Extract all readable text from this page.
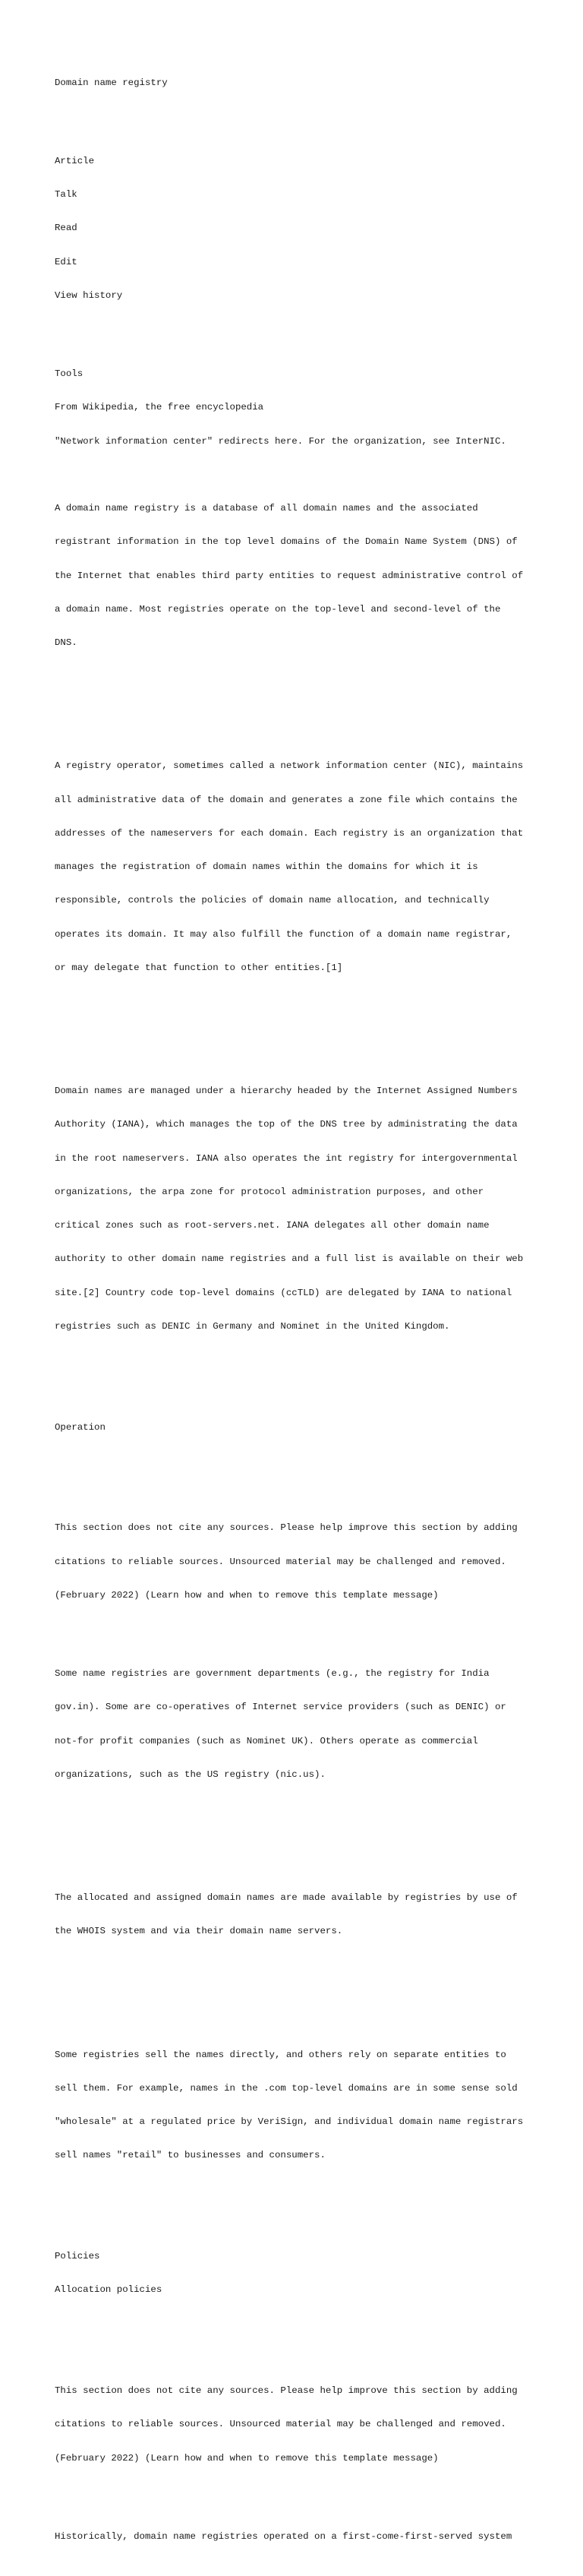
Domain name registry

Article

Talk

Read

Edit

View history

Tools

From Wikipedia, the free encyclopedia

"Network information center" redirects here. For the organization, see InterNIC.

A domain name registry is a database of all domain names and the associated

registrant information in the top level domains of the Domain Name System (DNS) of

the Internet that enables third party entities to request administrative control of

a domain name. Most registries operate on the top-level and second-level of the

DNS.

A registry operator, sometimes called a network information center (NIC), maintains

all administrative data of the domain and generates a zone file which contains the

addresses of the nameservers for each domain. Each registry is an organization that

manages the registration of domain names within the domains for which it is

responsible, controls the policies of domain name allocation, and technically

operates its domain. It may also fulfill the function of a domain name registrar,

or may delegate that function to other entities.[1]

Domain names are managed under a hierarchy headed by the Internet Assigned Numbers

Authority (IANA), which manages the top of the DNS tree by administrating the data

in the root nameservers. IANA also operates the int registry for intergovernmental

organizations, the arpa zone for protocol administration purposes, and other

critical zones such as root-servers.net. IANA delegates all other domain name

authority to other domain name registries and a full list is available on their web

site.[2] Country code top-level domains (ccTLD) are delegated by IANA to national

registries such as DENIC in Germany and Nominet in the United Kingdom.

Operation

This section does not cite any sources. Please help improve this section by adding

citations to reliable sources. Unsourced material may be challenged and removed.

(February 2022) (Learn how and when to remove this template message)

Some name registries are government departments (e.g., the registry for India

gov.in). Some are co-operatives of Internet service providers (such as DENIC) or

not-for profit companies (such as Nominet UK). Others operate as commercial

organizations, such as the US registry (nic.us).

The allocated and assigned domain names are made available by registries by use of

the WHOIS system and via their domain name servers.

Some registries sell the names directly, and others rely on separate entities to

sell them. For example, names in the .com top-level domains are in some sense sold

"wholesale" at a regulated price by VeriSign, and individual domain name registrars

sell names "retail" to businesses and consumers.

Policies

Allocation policies

This section does not cite any sources. Please help improve this section by adding

citations to reliable sources. Unsourced material may be challenged and removed.

(February 2022) (Learn how and when to remove this template message)

Historically, domain name registries operated on a first-come-first-served system
